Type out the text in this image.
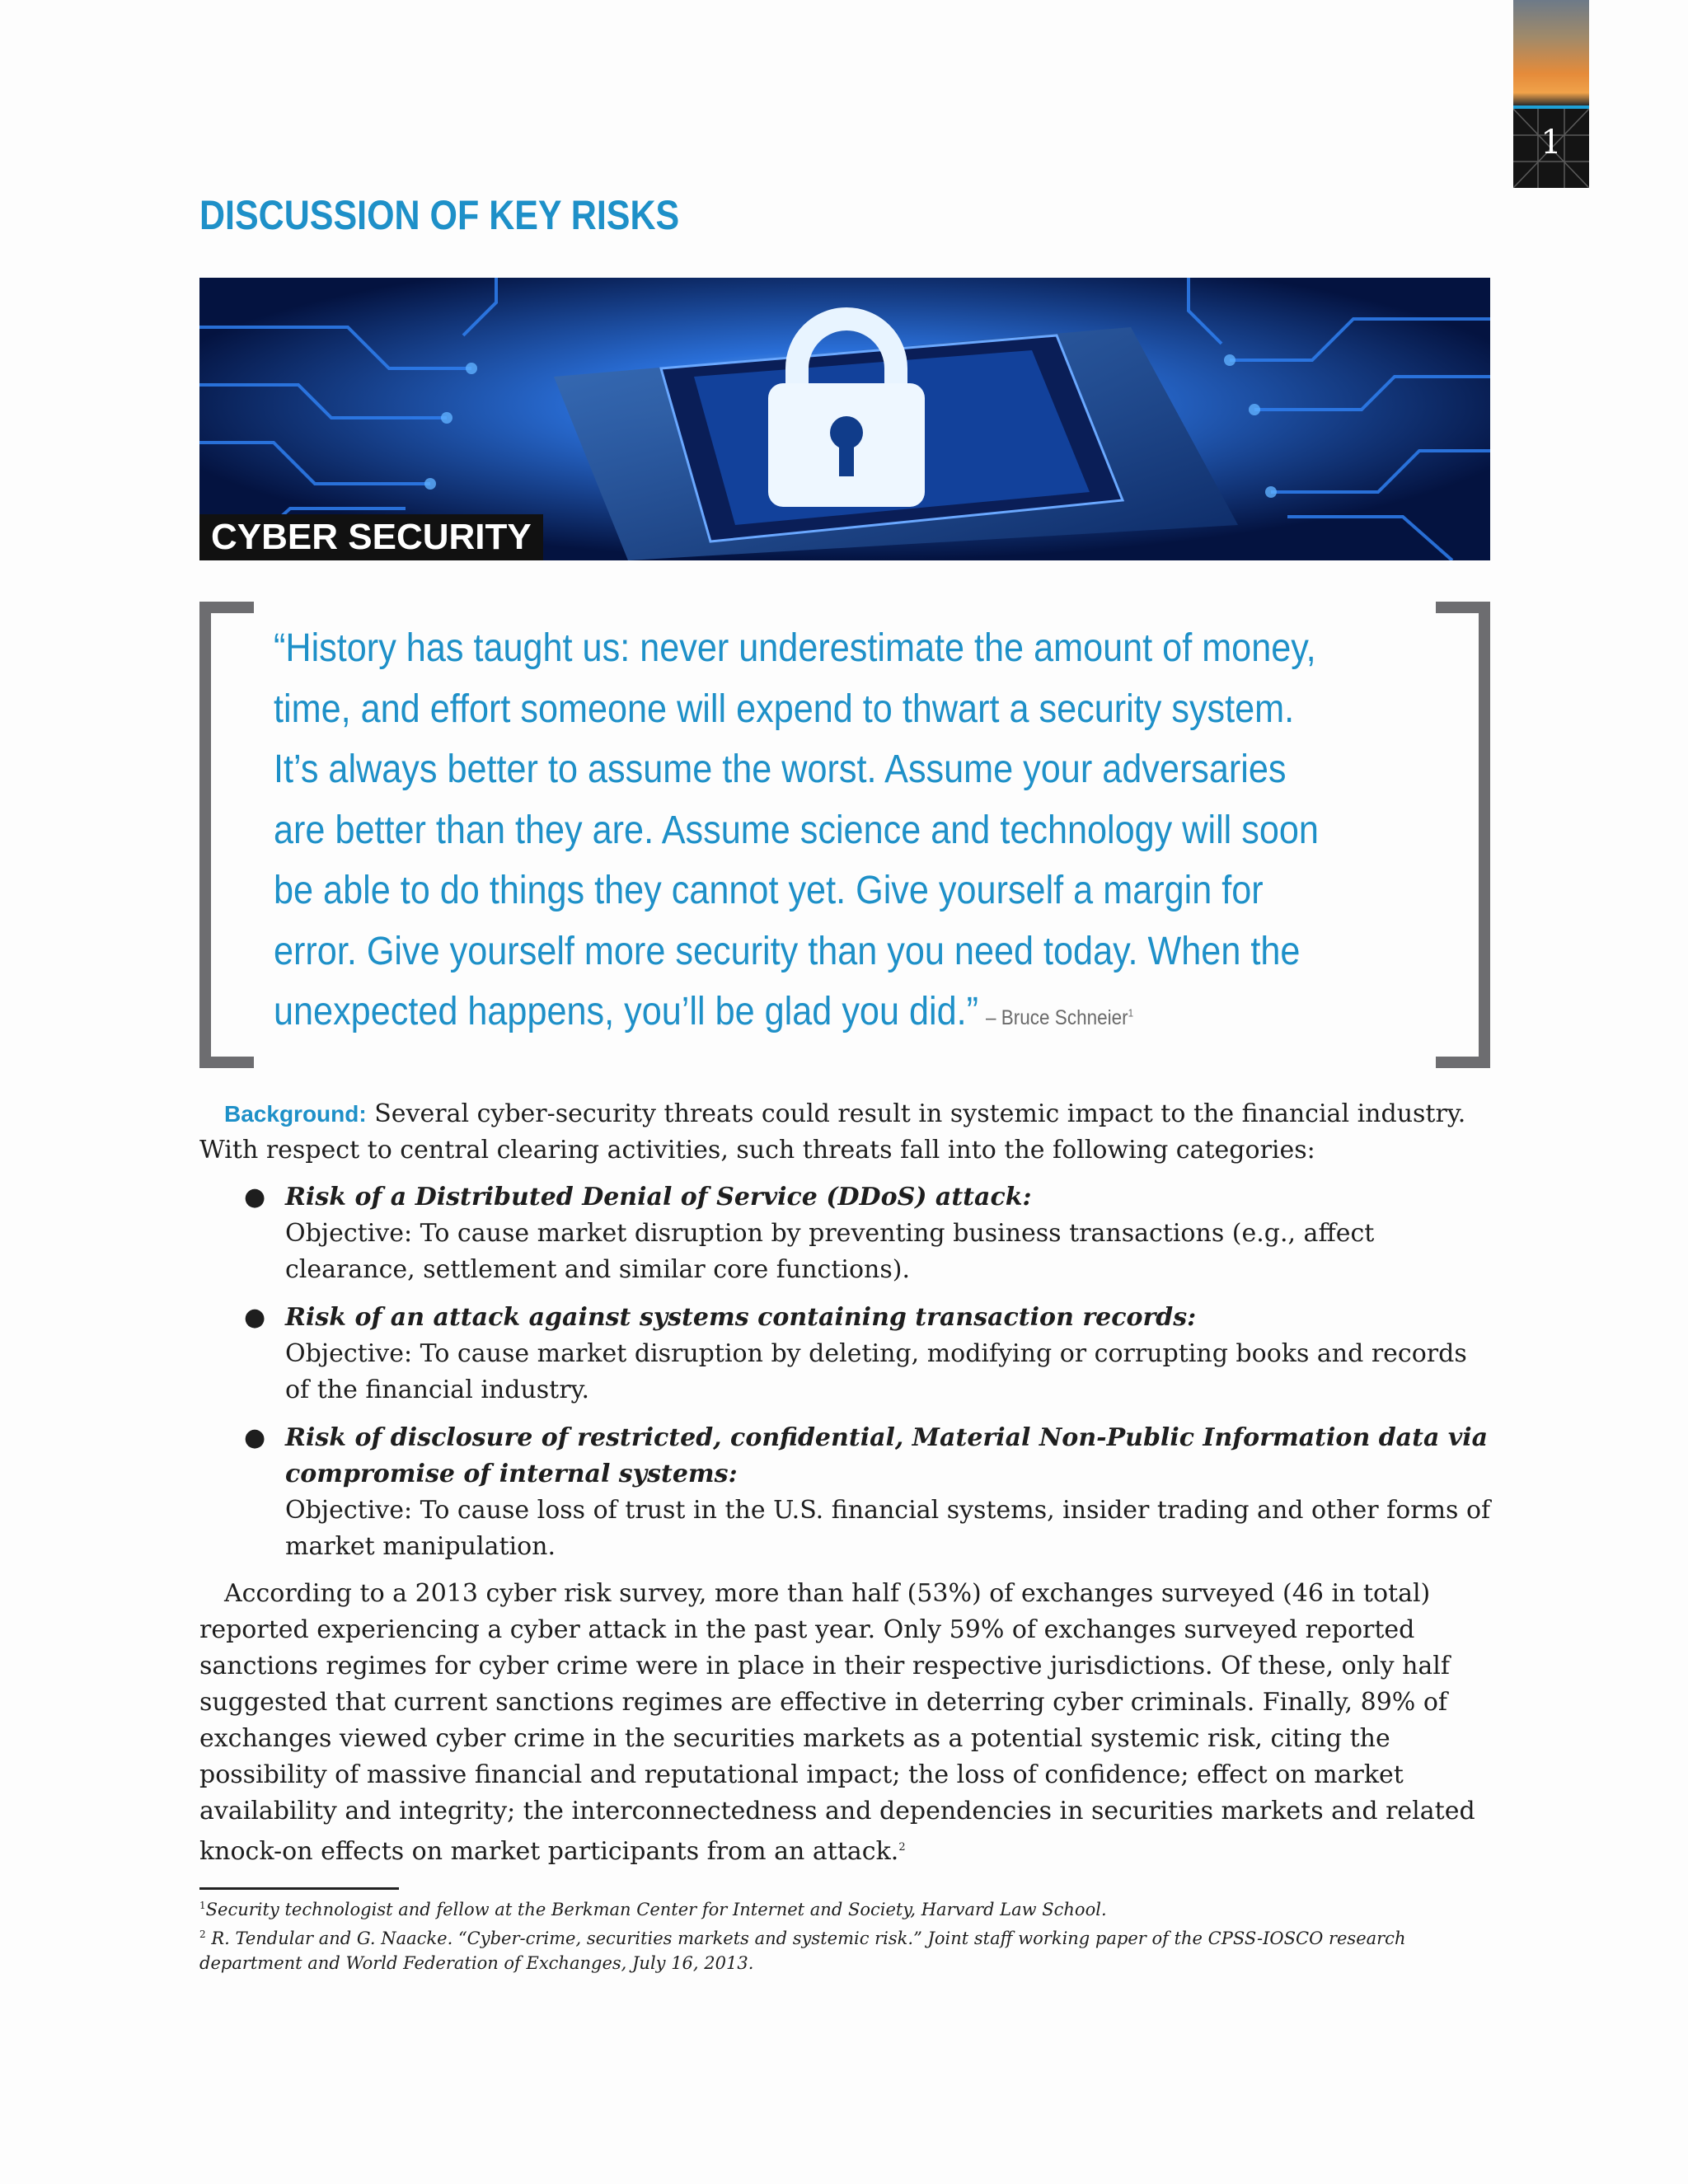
1
DISCUSSION OF KEY RISKS
CYBER SECURITY

“History has taught us: never underestimate the amount of money, time, and effort someone will expend to thwart a security system. It’s always better to assume the worst. Assume your adversaries are better than they are. Assume science and technology will soon be able to do things they cannot yet. Give yourself a margin for error. Give yourself more security than you need today. When the unexpected happens, you’ll be glad you did.” – Bruce Schneier$^1$

Background: Several cyber-security threats could result in systemic impact to the financial industry. With respect to central clearing activities, such threats fall into the following categories:

● Risk of a Distributed Denial of Service (DDoS) attack:
Objective: To cause market disruption by preventing business transactions (e.g., affect clearance, settlement and similar core functions).
● Risk of an attack against systems containing transaction records:
Objective: To cause market disruption by deleting, modifying or corrupting books and records of the financial industry.
● Risk of disclosure of restricted, confidential, Material Non-Public Information data via compromise of internal systems:
Objective: To cause loss of trust in the U.S. financial systems, insider trading and other forms of market manipulation.

According to a 2013 cyber risk survey, more than half (53%) of exchanges surveyed (46 in total) reported experiencing a cyber attack in the past year. Only 59% of exchanges surveyed reported sanctions regimes for cyber crime were in place in their respective jurisdictions. Of these, only half suggested that current sanctions regimes are effective in deterring cyber criminals. Finally, 89% of exchanges viewed cyber crime in the securities markets as a potential systemic risk, citing the possibility of massive financial and reputational impact; the loss of confidence; effect on market availability and integrity; the interconnectedness and dependencies in securities markets and related knock-on effects on market participants from an attack.$^2$

$^1$Security technologist and fellow at the Berkman Center for Internet and Society, Harvard Law School.

$^2$ R. Tendular and G. Naacke. “Cyber-crime, securities markets and systemic risk.” Joint staff working paper of the CPSS-IOSCO research department and World Federation of Exchanges, July 16, 2013.
